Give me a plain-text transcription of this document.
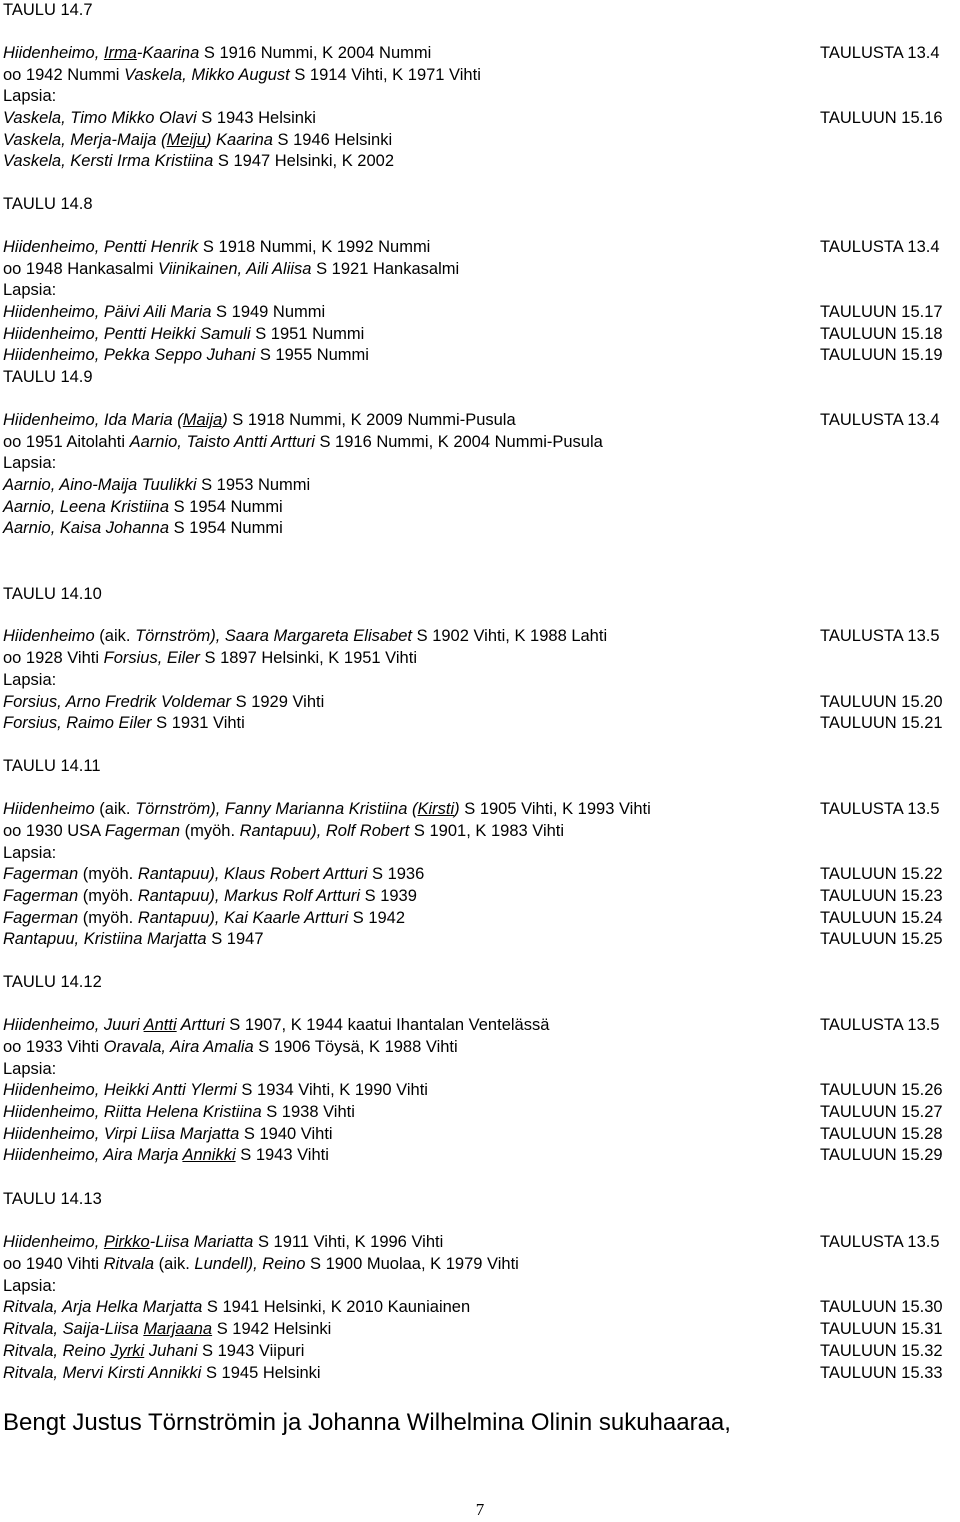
Bengt Justus Törnströmin ja Johanna Wilhelmina Olinin sukuhaaraa,
7
TAULU 14.7
Hiidenheimo, Irma-Kaarina S 1916 Nummi, K 2004 Nummi	TAULUSTA 13.4
oo 1942 Nummi Vaskela, Mikko August S 1914 Vihti, K 1971 Vihti
Lapsia:
Vaskela, Timo Mikko Olavi S 1943 Helsinki	TAULUUN 15.16
Vaskela, Merja-Maija (Meiju) Kaarina S 1946 Helsinki
Vaskela, Kersti Irma Kristiina S 1947 Helsinki, K 2002
TAULU 14.8
Hiidenheimo, Pentti Henrik S 1918 Nummi, K 1992 Nummi	TAULUSTA 13.4
oo 1948 Hankasalmi Viinikainen, Aili Aliisa S 1921 Hankasalmi
Lapsia:
Hiidenheimo, Päivi Aili Maria S 1949 Nummi	TAULUUN 15.17
Hiidenheimo, Pentti Heikki Samuli S 1951 Nummi	TAULUUN 15.18
Hiidenheimo, Pekka Seppo Juhani S 1955 Nummi	TAULUUN 15.19
TAULU 14.9
Hiidenheimo, Ida Maria (Maija) S 1918 Nummi, K 2009 Nummi-Pusula	TAULUSTA 13.4
oo 1951 Aitolahti Aarnio, Taisto Antti Artturi S 1916 Nummi, K 2004 Nummi-Pusula
Lapsia:
Aarnio, Aino-Maija Tuulikki S 1953 Nummi
Aarnio, Leena Kristiina S 1954 Nummi
Aarnio, Kaisa Johanna S 1954 Nummi
TAULU 14.10
Hiidenheimo (aik. Törnström), Saara Margareta Elisabet S 1902 Vihti, K 1988 Lahti	TAULUSTA 13.5
oo 1928 Vihti Forsius, Eiler S 1897 Helsinki, K 1951 Vihti
Lapsia:
Forsius, Arno Fredrik Voldemar S 1929 Vihti	TAULUUN 15.20
Forsius, Raimo Eiler S 1931 Vihti	TAULUUN 15.21
TAULU 14.11
Hiidenheimo (aik. Törnström), Fanny Marianna Kristiina (Kirsti) S 1905 Vihti, K 1993 Vihti	TAULUSTA 13.5
oo 1930 USA Fagerman (myöh. Rantapuu), Rolf Robert S 1901, K 1983 Vihti
Lapsia:
Fagerman (myöh. Rantapuu), Klaus Robert Artturi S 1936	TAULUUN 15.22
Fagerman (myöh. Rantapuu), Markus Rolf Artturi S 1939	TAULUUN 15.23
Fagerman (myöh. Rantapuu), Kai Kaarle Artturi S 1942	TAULUUN 15.24
Rantapuu, Kristiina Marjatta S 1947	TAULUUN 15.25
TAULU 14.12
Hiidenheimo, Juuri Antti Artturi S 1907, K 1944 kaatui Ihantalan Ventelässä	TAULUSTA 13.5
oo 1933 Vihti Oravala, Aira Amalia S 1906 Töysä, K 1988 Vihti
Lapsia:
Hiidenheimo, Heikki Antti Ylermi S 1934 Vihti, K 1990 Vihti	TAULUUN 15.26
Hiidenheimo, Riitta Helena Kristiina S 1938 Vihti	TAULUUN 15.27
Hiidenheimo, Virpi Liisa Marjatta S 1940 Vihti	TAULUUN 15.28
Hiidenheimo, Aira Marja Annikki S 1943 Vihti	TAULUUN 15.29
TAULU 14.13
Hiidenheimo, Pirkko-Liisa Mariatta S 1911 Vihti, K 1996 Vihti	TAULUSTA 13.5
oo 1940 Vihti Ritvala (aik. Lundell), Reino S 1900 Muolaa, K 1979 Vihti
Lapsia:
Ritvala, Arja Helka Marjatta S 1941 Helsinki, K 2010 Kauniainen	TAULUUN 15.30
Ritvala, Saija-Liisa Marjaana S 1942 Helsinki	TAULUUN 15.31
Ritvala, Reino Jyrki Juhani S 1943 Viipuri	TAULUUN 15.32
Ritvala, Mervi Kirsti Annikki S 1945 Helsinki	TAULUUN 15.33
